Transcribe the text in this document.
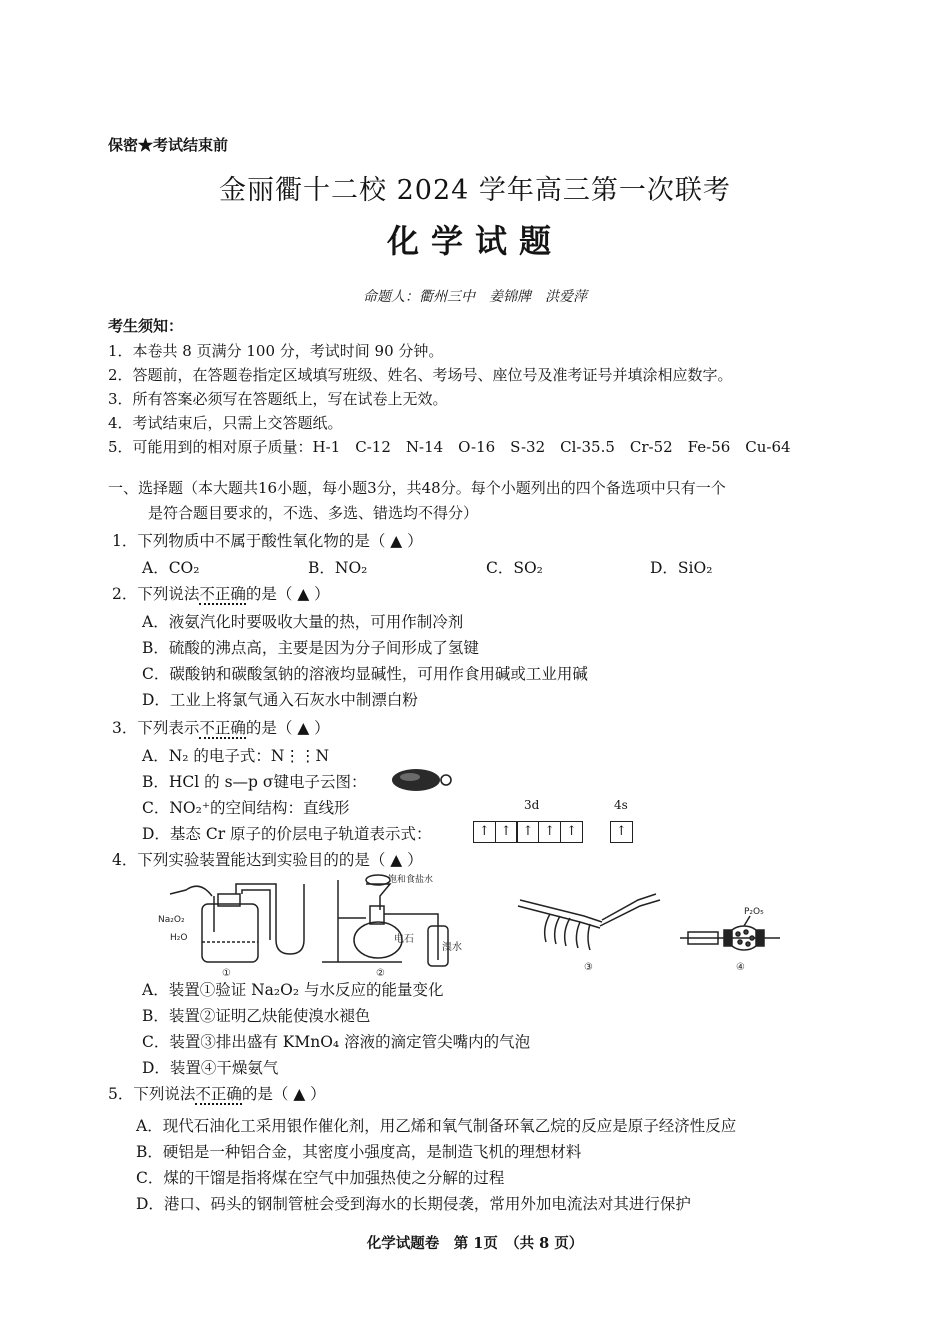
保密★考试结束前
金丽衢十二校 2024 学年高三第一次联考
化学试题
命题人：衢州三中　姜锦牌　洪爱萍
考生须知：
1．本卷共 8 页满分 100 分，考试时间 90 分钟。
2．答题前，在答题卷指定区域填写班级、姓名、考场号、座位号及准考证号并填涂相应数字。
3．所有答案必须写在答题纸上，写在试卷上无效。
4．考试结束后，只需上交答题纸。
5．可能用到的相对原子质量：H-1　C-12　N-14　O-16　S-32　Cl-35.5　Cr-52　Fe-56　Cu-64
一、选择题（本大题共16小题，每小题3分，共48分。每个小题列出的四个备选项中只有一个
是符合题目要求的，不选、多选、错选均不得分）
1．下列物质中不属于酸性氧化物的是（ ▲ ）
A．CO₂	B．NO₂	C．SO₂	D．SiO₂
2．下列说法不正确的是（ ▲ ）
A．液氨汽化时要吸收大量的热，可用作制冷剂
B．硫酸的沸点高，主要是因为分子间形成了氢键
C．碳酸钠和碳酸氢钠的溶液均显碱性，可用作食用碱或工业用碱
D．工业上将氯气通入石灰水中制漂白粉
3．下列表示不正确的是（ ▲ ）
A．N₂ 的电子式：N⋮⋮N
B．HCl 的 s—p σ键电子云图：
C．NO₂⁺的空间结构：直线形	3d	4s
D．基态 Cr 原子的价层电子轨道表示式：	↑ ↑ ↑ ↑ ↑	↑
4．下列实验装置能达到实验目的的是（ ▲ ）
Na₂O₂
H₂O
①
饱和食盐水
电石
溴水
②
③
P₂O₅
④
A．装置①验证 Na₂O₂ 与水反应的能量变化
B．装置②证明乙炔能使溴水褪色
C．装置③排出盛有 KMnO₄ 溶液的滴定管尖嘴内的气泡
D．装置④干燥氨气
5．下列说法不正确的是（ ▲ ）
A．现代石油化工采用银作催化剂，用乙烯和氧气制备环氧乙烷的反应是原子经济性反应
B．硬铝是一种铝合金，其密度小强度高，是制造飞机的理想材料
C．煤的干馏是指将煤在空气中加强热使之分解的过程
D．港口、码头的钢制管桩会受到海水的长期侵袭，常用外加电流法对其进行保护
化学试题卷　第 1页　（共 8 页）
